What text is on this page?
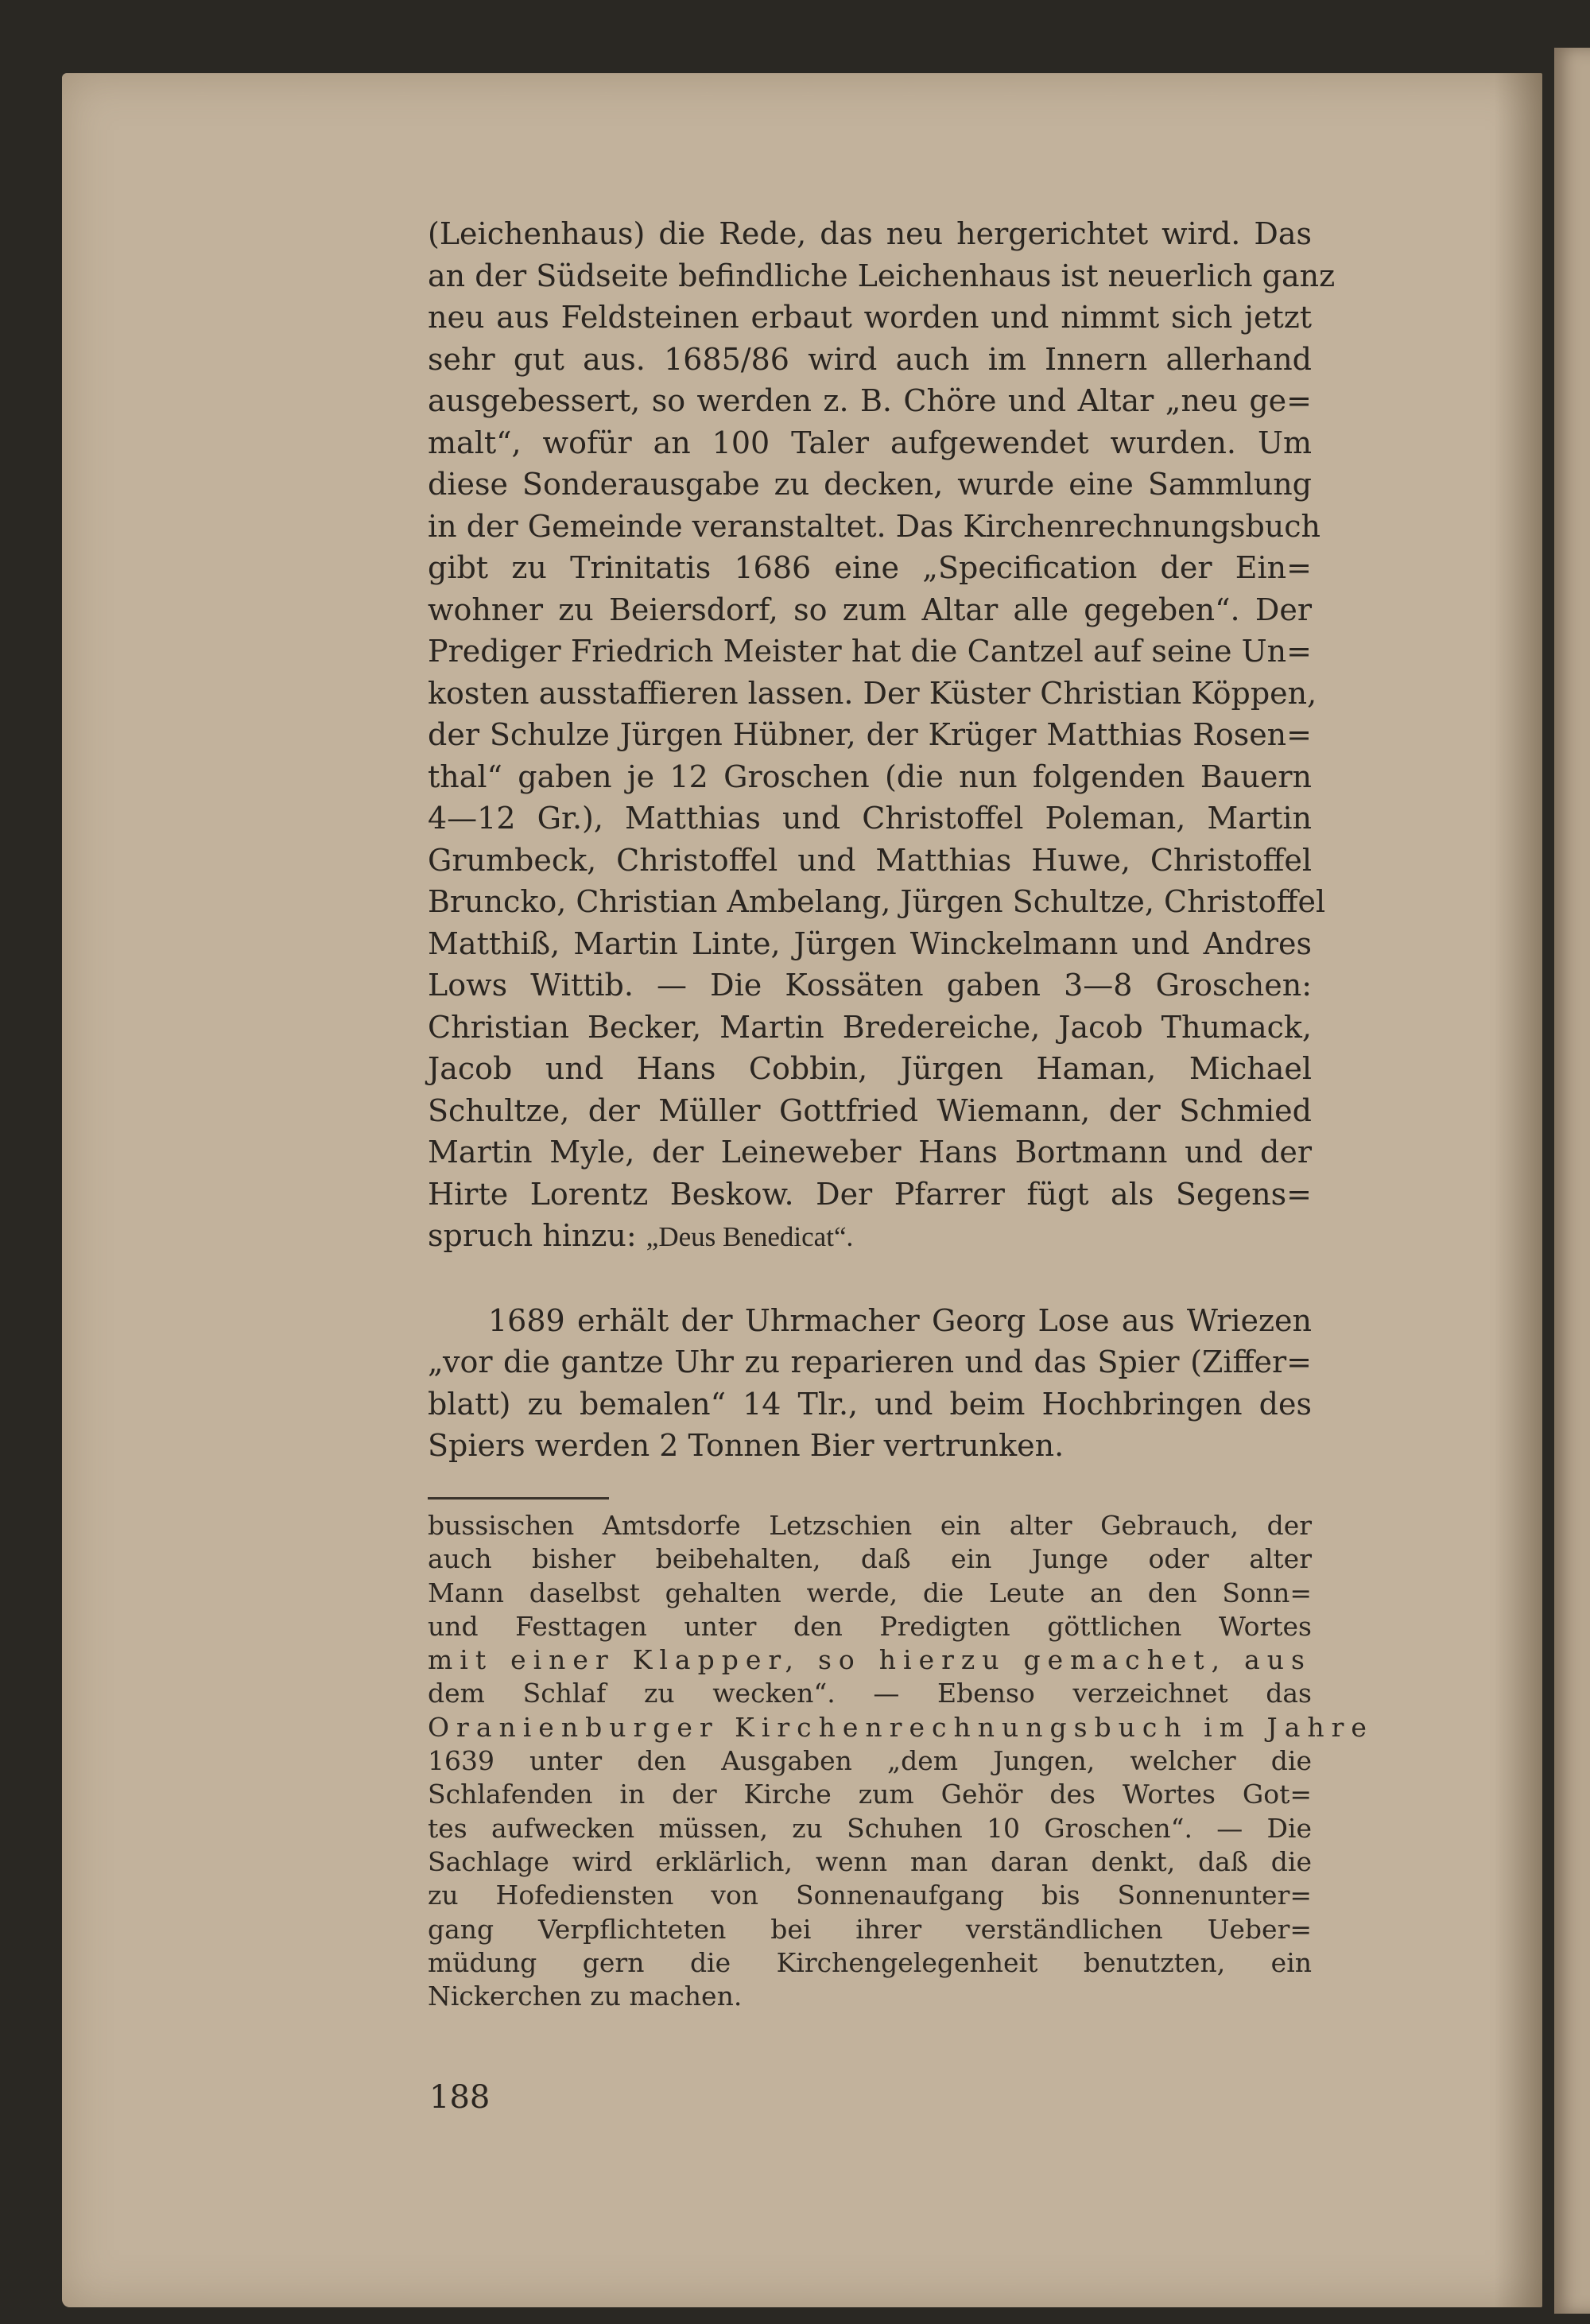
(Leichenhaus) die Rede, das neu hergerichtet wird. Das
an der Südseite befindliche Leichenhaus ist neuerlich ganz
neu aus Feldsteinen erbaut worden und nimmt sich jetzt
sehr gut aus. 1685/86 wird auch im Innern allerhand
ausgebessert, so werden z. B. Chöre und Altar „neu ge=
malt“, wofür an 100 Taler aufgewendet wurden. Um
diese Sonderausgabe zu decken, wurde eine Sammlung
in der Gemeinde veranstaltet. Das Kirchenrechnungsbuch
gibt zu Trinitatis 1686 eine „Specification der Ein=
wohner zu Beiersdorf, so zum Altar alle gegeben“. Der
Prediger Friedrich Meister hat die Cantzel auf seine Un=
kosten ausstaffieren lassen. Der Küster Christian Köppen,
der Schulze Jürgen Hübner, der Krüger Matthias Rosen=
thal“ gaben je 12 Groschen (die nun folgenden Bauern
4—12 Gr.), Matthias und Christoffel Poleman, Martin
Grumbeck, Christoffel und Matthias Huwe, Christoffel
Brunckо, Christian Ambelang, Jürgen Schultze, Christoffel
Matthiß, Martin Linte, Jürgen Winckelmann und Andres
Lows Wittib. — Die Kossäten gaben 3—8 Groschen:
Christian Becker, Martin Bredereiche, Jacob Thumack,
Jacob und Hans Cobbin, Jürgen Haman, Michael
Schultze, der Müller Gottfried Wiemann, der Schmied
Martin Myle, der Leineweber Hans Bortmann und der
Hirte Lorentz Beskow. Der Pfarrer fügt als Segens=
spruch hinzu: „Deus Benedicat“.
1689 erhält der Uhrmacher Georg Lose aus Wriezen
„vor die gantze Uhr zu reparieren und das Spier (Ziffer=
blatt) zu bemalen“ 14 Tlr., und beim Hochbringen des
Spiers werden 2 Tonnen Bier vertrunken.
bussischen Amtsdorfe Letzschien ein alter Gebrauch, der
auch bisher beibehalten, daß ein Junge oder alter
Mann daselbst gehalten werde, die Leute an den Sonn=
und Festtagen unter den Predigten göttlichen Wortes
mit einer Klapper, so hierzu gemachet, aus
dem Schlaf zu wecken“. — Ebenso verzeichnet das
Oranienburger Kirchenrechnungsbuch im Jahre
1639 unter den Ausgaben „dem Jungen, welcher die
Schlafenden in der Kirche zum Gehör des Wortes Got=
tes aufwecken müssen, zu Schuhen 10 Groschen“. — Die
Sachlage wird erklärlich, wenn man daran denkt, daß die
zu Hofediensten von Sonnenaufgang bis Sonnenunter=
gang Verpflichteten bei ihrer verständlichen Ueber=
müdung gern die Kirchengelegenheit benutzten, ein
Nickerchen zu machen.
188
